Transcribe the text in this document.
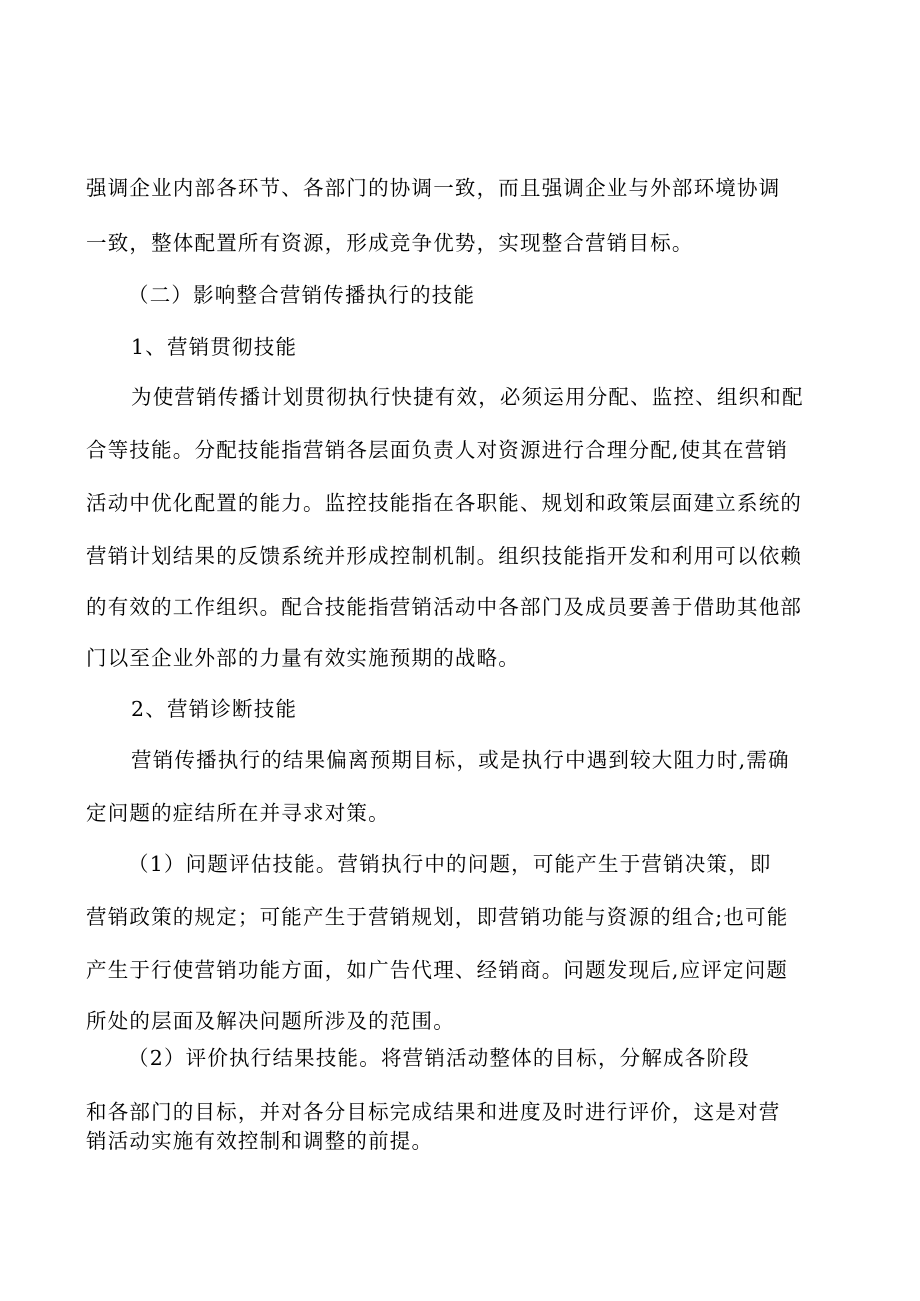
强调企业内部各环节、各部门的协调一致，而且强调企业与外部环境协调
一致，整体配置所有资源，形成竞争优势，实现整合营销目标。
（二）影响整合营销传播执行的技能
1、营销贯彻技能
为使营销传播计划贯彻执行快捷有效，必须运用分配、监控、组织和配
合等技能。分配技能指营销各层面负责人对资源进行合理分配,使其在营销
活动中优化配置的能力。监控技能指在各职能、规划和政策层面建立系统的
营销计划结果的反馈系统并形成控制机制。组织技能指开发和利用可以依赖
的有效的工作组织。配合技能指营销活动中各部门及成员要善于借助其他部
门以至企业外部的力量有效实施预期的战略。
2、营销诊断技能
营销传播执行的结果偏离预期目标，或是执行中遇到较大阻力时,需确
定问题的症结所在并寻求对策。
（1）问题评估技能。营销执行中的问题，可能产生于营销决策，即
营销政策的规定；可能产生于营销规划，即营销功能与资源的组合;也可能
产生于行使营销功能方面，如广告代理、经销商。问题发现后,应评定问题
所处的层面及解决问题所涉及的范围。
（2）评价执行结果技能。将营销活动整体的目标，分解成各阶段
和各部门的目标，并对各分目标完成结果和进度及时进行评价，这是对营
销活动实施有效控制和调整的前提。
